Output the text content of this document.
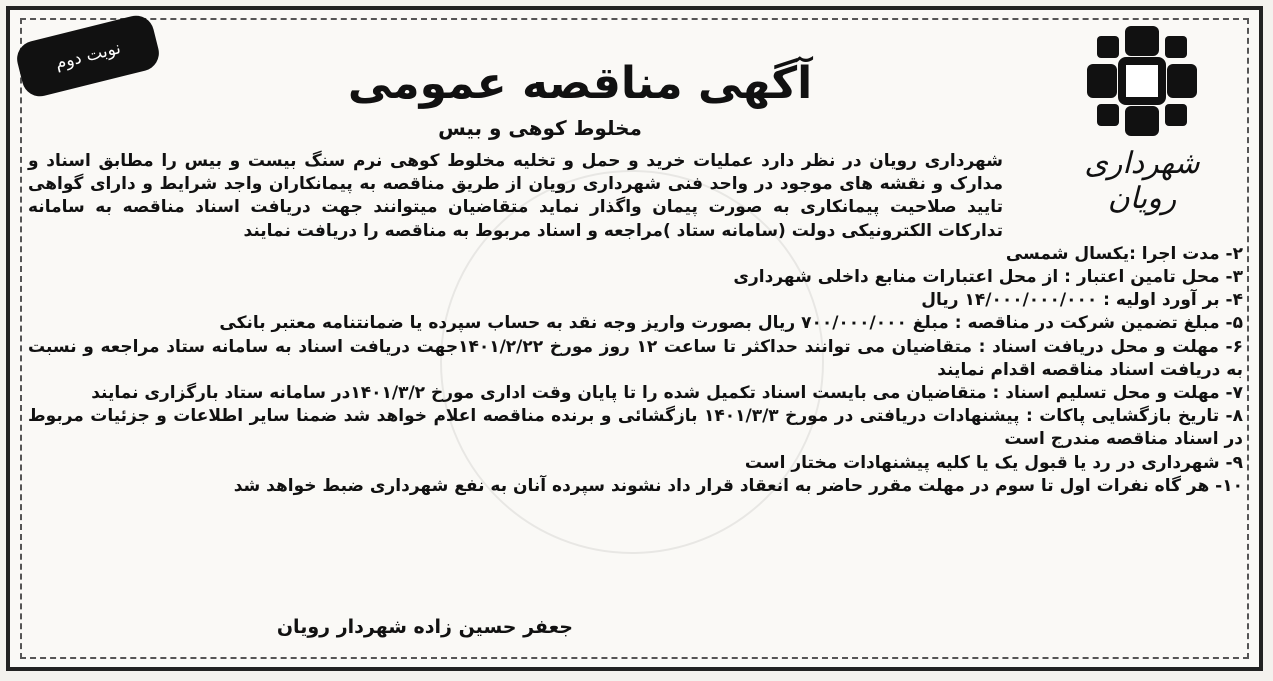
نوبت دوم
شهرداری رویان
آگهی مناقصه عمومی
مخلوط کوهی و بیس
شهرداری رویان در نظر دارد عملیات خرید و حمل و تخلیه مخلوط کوهی نرم سنگ بیست و بیس را مطابق اسناد و مدارک و نقشه های موجود در واحد فنی شهرداری رویان از طریق مناقصه به پیمانکاران واجد شرایط و دارای گواهی تایید صلاحیت پیمانکاری به صورت پیمان واگذار نماید متقاضیان میتوانند جهت دریافت اسناد مناقصه به سامانه تدارکات الکترونیکی دولت (سامانه ستاد )مراجعه و اسناد مربوط به مناقصه را دریافت نمایند
۲- مدت اجرا :یکسال شمسی
۳- محل تامین اعتبار : از محل اعتبارات منابع داخلی شهرداری
۴- بر آورد اولیه : ۱۴/۰۰۰/۰۰۰/۰۰۰ ریال
۵- مبلغ تضمین شرکت در مناقصه : مبلغ ۷۰۰/۰۰۰/۰۰۰ ریال بصورت واریز وجه نقد به حساب سپرده یا ضمانتنامه معتبر بانکی
۶- مهلت و محل دریافت اسناد : متقاضیان می توانند حداکثر تا ساعت ۱۲ روز مورخ ۱۴۰۱/۲/۲۲جهت دریافت اسناد به سامانه ستاد مراجعه و نسبت به دریافت اسناد مناقصه اقدام نمایند
۷- مهلت و محل تسلیم اسناد : متقاضیان می بایست اسناد تکمیل شده را تا پایان وقت اداری مورخ ۱۴۰۱/۳/۲در سامانه ستاد بارگزاری نمایند
۸- تاریخ بازگشایی پاکات : پیشنهادات دریافتی در مورخ ۱۴۰۱/۳/۳ بازگشائی و برنده مناقصه اعلام خواهد شد ضمنا سایر اطلاعات و جزئیات مربوط در اسناد مناقصه مندرج است
۹- شهرداری در رد یا قبول یک یا کلیه پیشنهادات مختار است
۱۰- هر گاه نفرات اول تا سوم در مهلت مقرر حاضر به انعقاد قرار داد نشوند سپرده آنان به نفع شهرداری ضبط خواهد شد
جعفر حسین زاده شهردار رویان
